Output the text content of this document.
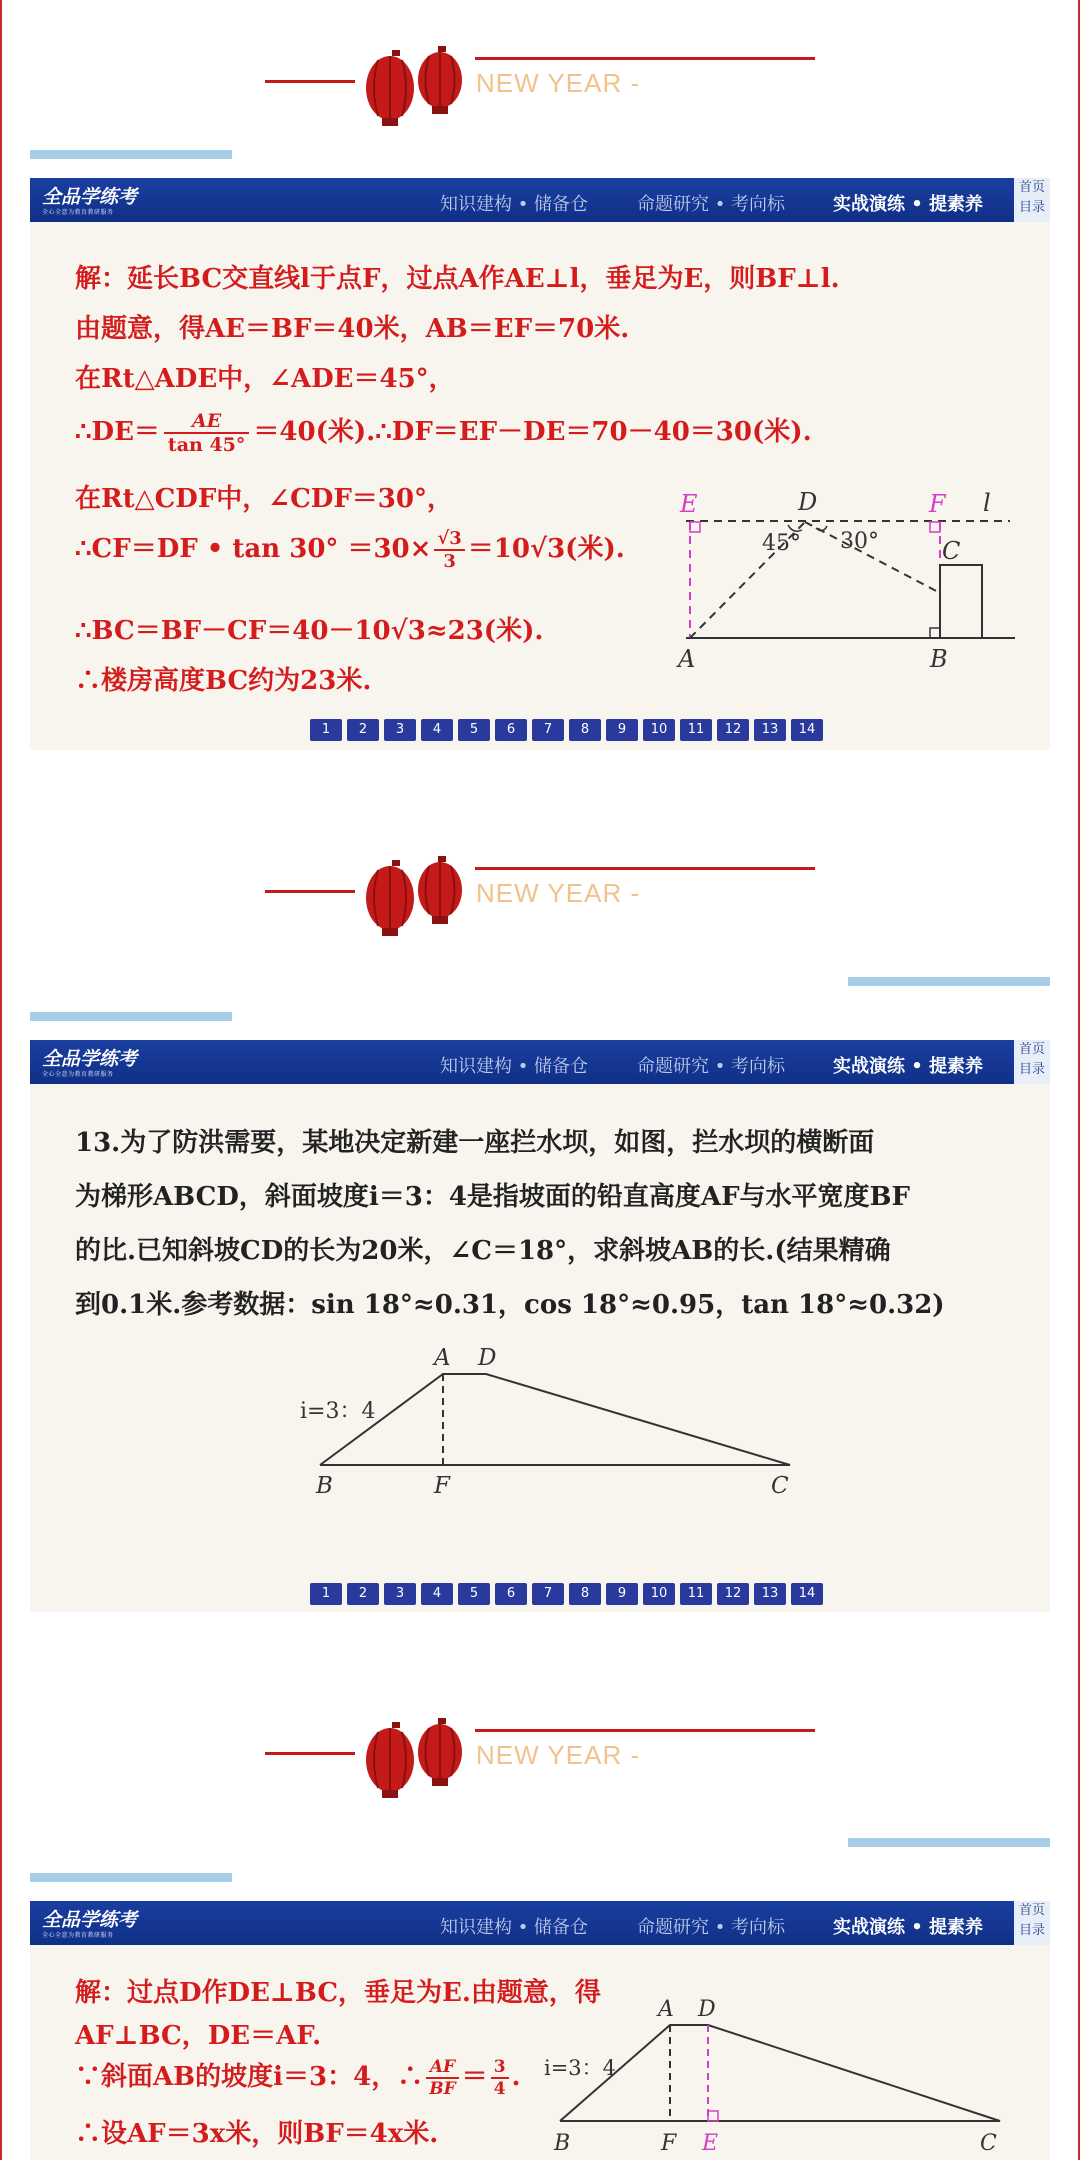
NEW YEAR -
全品学练考
全心全意为教育教研服务	知识建构 • 储备仓	命题研究 • 考向标	实战演练 • 提素养
首页
目录
解：延长BC交直线l于点F，过点A作AE⊥l，垂足为E，则BF⊥l.
由题意，得AE＝BF＝40米，AB＝EF＝70米.
在Rt△ADE中，∠ADE＝45°，
∴DE＝ $\frac{AE}{\tan 45^\circ} =40$(米).∴DF＝EF－DE＝70－40＝30(米).
在Rt△CDF中，∠CDF＝30°，
∴CF＝DF • $\tan 30^\circ =30\times \frac{√3}{3} =10√3$(米).
∴BC＝BF－CF＝40－10√3≈23(米).
∴楼房高度BC约为23米.
E	D	F l
45° 30°	C
A	B
1	2	3	4	5	6	7	8	9	10	11	12	13	14
NEW YEAR -
全品学练考
全心全意为教育教研服务	知识建构 • 储备仓	命题研究 • 考向标	实战演练 • 提素养
首页
目录
13.为了防洪需要，某地决定新建一座拦水坝，如图，拦水坝的横断面
为梯形ABCD，斜面坡度i＝3：4是指坡面的铅直高度AF与水平宽度BF
的比.已知斜坡CD的长为20米，∠C＝18°，求斜坡AB的长.(结果精确
到0.1米.参考数据：sin 18°≈0.31，cos 18°≈0.95，tan 18°≈0.32)
A D
i=3：4
B	F	C
1	2	3	4	5	6	7	8	9	10	11	12	13	14
NEW YEAR -
全品学练考
全心全意为教育教研服务	知识建构 • 储备仓	命题研究 • 考向标	实战演练 • 提素养
首页
目录
解：过点D作DE⊥BC，垂足为E.由题意，得
AF⊥BC，DE＝AF.
∵斜面AB的坡度i＝3：4，∴ $\frac{AF}{BF} = \frac{3}{4}$ .
∴设AF＝3x米，则BF＝4x米.
A D
i=3：4
B	F E	C
